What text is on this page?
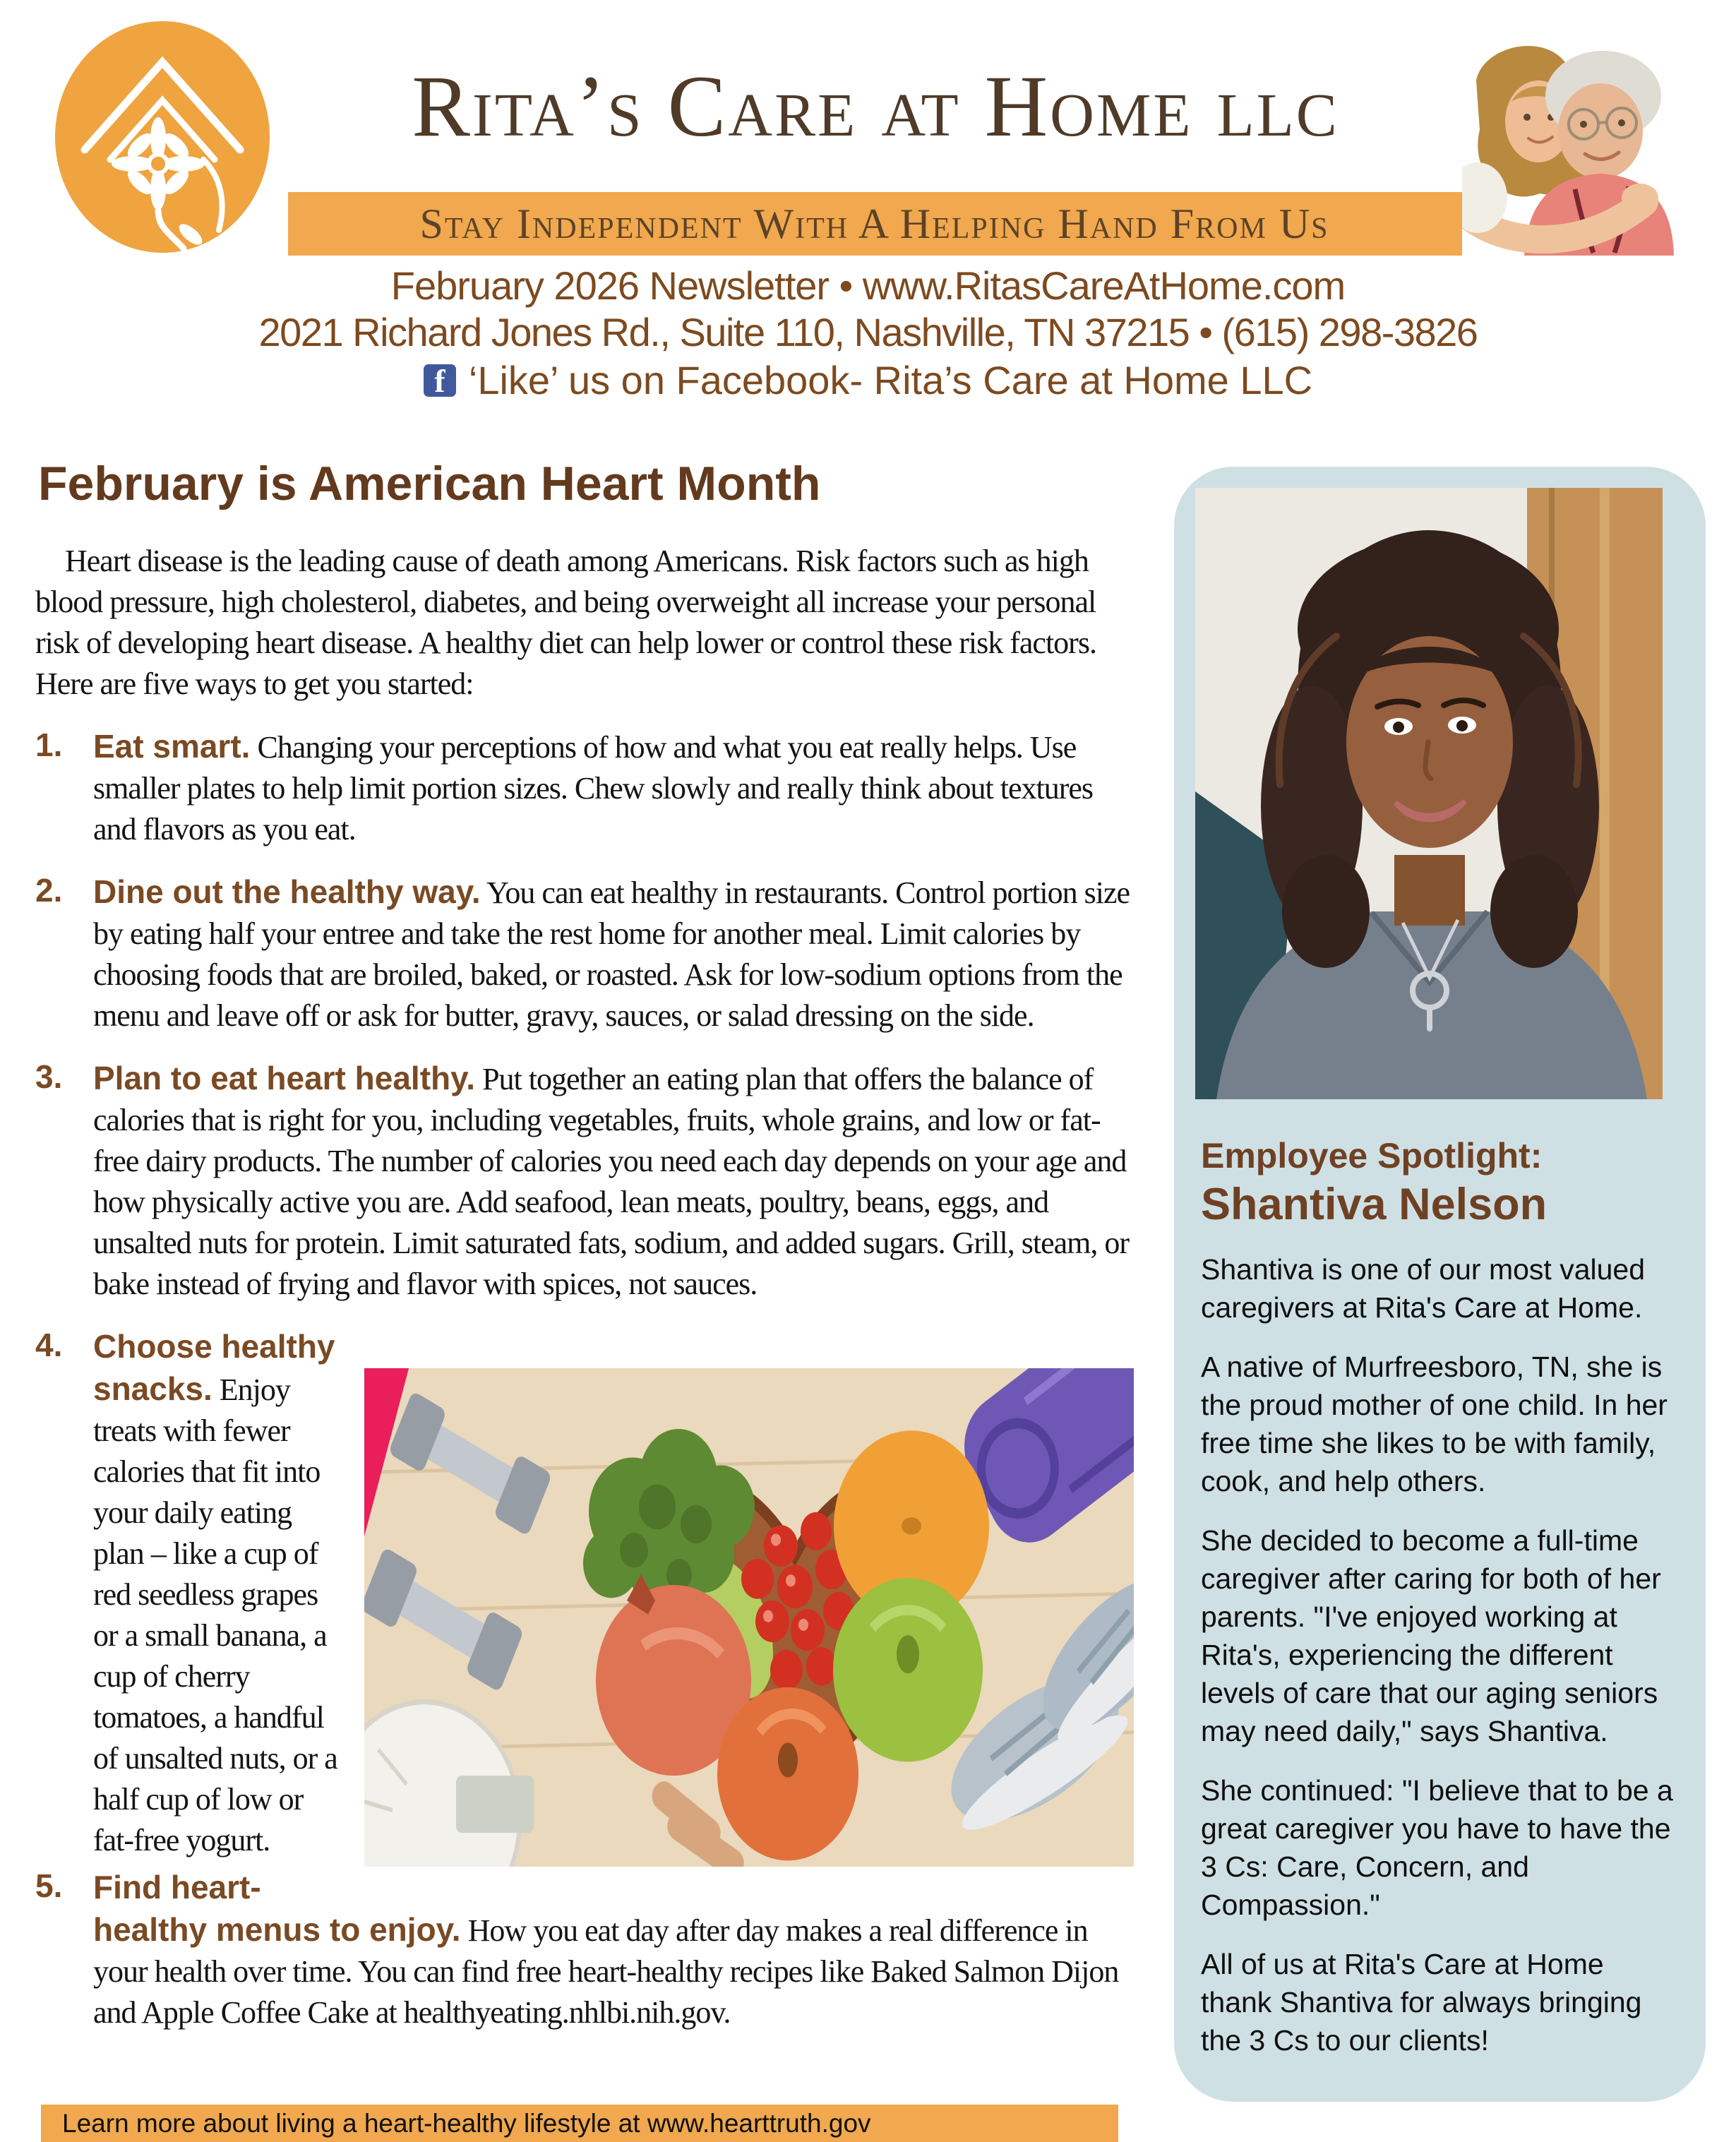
Rita’s Care at Home llc
Stay Independent With A Helping Hand From Us
February 2026 Newsletter • www.RitasCareAtHome.com
2021 Richard Jones Rd., Suite 110, Nashville, TN 37215 • (615) 298-3826
f ‘Like’ us on Facebook- Rita’s Care at Home LLC
February is American Heart Month

Heart disease is the leading cause of death among Americans. Risk factors such as high blood pressure, high cholesterol, diabetes, and being overweight all increase your personal risk of developing heart disease. A healthy diet can help lower or control these risk factors. Here are five ways to get you started:

1. Eat smart. Changing your perceptions of how and what you eat really helps. Use smaller plates to help limit portion sizes. Chew slowly and really think about textures and flavors as you eat.
2. Dine out the healthy way. You can eat healthy in restaurants. Control portion size by eating half your entree and take the rest home for another meal. Limit calories by choosing foods that are broiled, baked, or roasted. Ask for low-sodium options from the menu and leave off or ask for butter, gravy, sauces, or salad dressing on the side.
3. Plan to eat heart healthy. Put together an eating plan that offers the balance of calories that is right for you, including vegetables, fruits, whole grains, and low or fat-free dairy products. The number of calories you need each day depends on your age and how physically active you are. Add seafood, lean meats, poultry, beans, eggs, and unsalted nuts for protein. Limit saturated fats, sodium, and added sugars. Grill, steam, or bake instead of frying and flavor with spices, not sauces.
4. Choose healthy snacks. Enjoy treats with fewer calories that fit into your daily eating plan – like a cup of red seedless grapes or a small banana, a cup of cherry tomatoes, a handful of unsalted nuts, or a half cup of low or fat-free yogurt.
5. Find heart-healthy menus to enjoy. How you eat day after day makes a real difference in your health over time. You can find free heart-healthy recipes like Baked Salmon Dijon and Apple Coffee Cake at healthyeating.nhlbi.nih.gov.
Employee Spotlight:
Shantiva Nelson

Shantiva is one of our most valued caregivers at Rita's Care at Home.

A native of Murfreesboro, TN, she is the proud mother of one child. In her free time she likes to be with family, cook, and help others.

She decided to become a full-time caregiver after caring for both of her parents. "I've enjoyed working at Rita's, experiencing the different levels of care that our aging seniors may need daily," says Shantiva.

She continued: "I believe that to be a great caregiver you have to have the 3 Cs: Care, Concern, and Compassion."

All of us at Rita's Care at Home thank Shantiva for always bringing the 3 Cs to our clients!

Learn more about living a heart-healthy lifestyle at www.hearttruth.gov
